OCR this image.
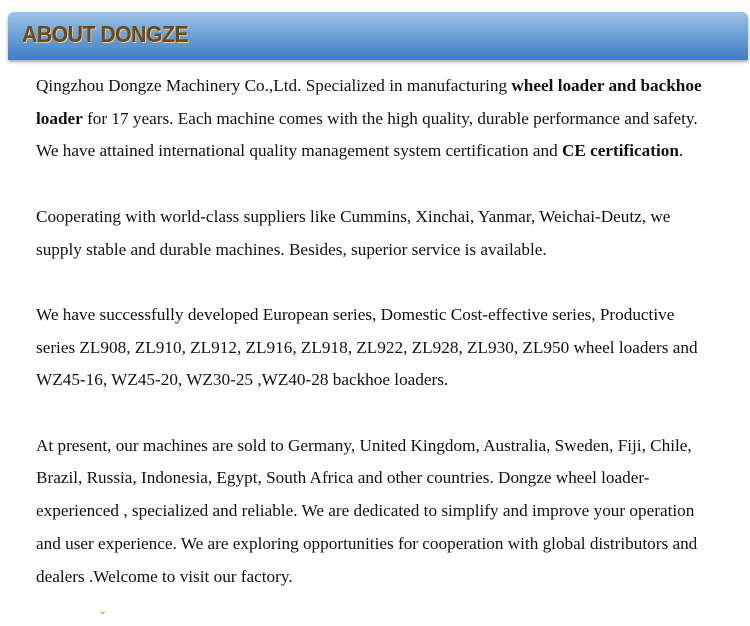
ABOUT DONGZE

Qingzhou Dongze Machinery Co.,Ltd. Specialized in manufacturing wheel loader and backhoe loader for 17 years. Each machine comes with the high quality, durable performance and safety. We have attained international quality management system certification and CE certification.

Cooperating with world-class suppliers like Cummins, Xinchai, Yanmar, Weichai-Deutz, we supply stable and durable machines. Besides, superior service is available.

We have successfully developed European series, Domestic Cost-effective series, Productive series ZL908, ZL910, ZL912, ZL916, ZL918, ZL922, ZL928, ZL930, ZL950 wheel loaders and WZ45-16, WZ45-20, WZ30-25 ,WZ40-28 backhoe loaders.

At present, our machines are sold to Germany, United Kingdom, Australia, Sweden, Fiji, Chile, Brazil, Russia, Indonesia, Egypt, South Africa and other countries. Dongze wheel loader-experienced , specialized and reliable. We are dedicated to simplify and improve your operation and user experience. We are exploring opportunities for cooperation with global distributors and dealers .Welcome to visit our factory.

⌄
